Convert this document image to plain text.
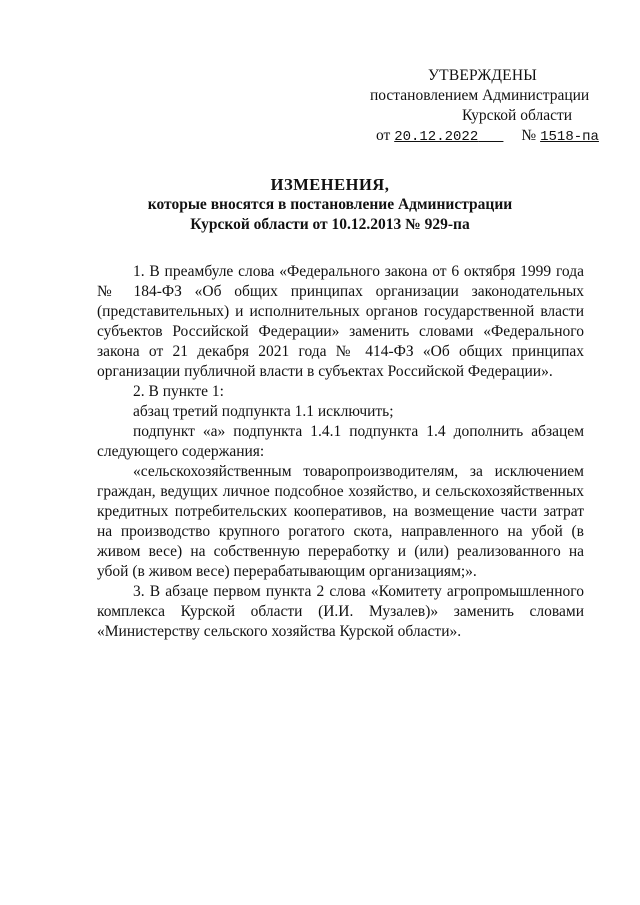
УТВЕРЖДЕНЫ
постановлением Администрации
Курской области
от 20.12.2022	№ 1518-па
ИЗМЕНЕНИЯ,
которые вносятся в постановление Администрации
Курской области от 10.12.2013 № 929-па

1. В преамбуле слова «Федерального закона от 6 октября 1999 года № 184-ФЗ «Об общих принципах организации законодательных (представительных) и исполнительных органов государственной власти субъектов Российской Федерации» заменить словами «Федерального закона от 21 декабря 2021 года № 414-ФЗ «Об общих принципах организации публичной власти в субъектах Российской Федерации».

2. В пункте 1:

абзац третий подпункта 1.1 исключить;

подпункт «а» подпункта 1.4.1 подпункта 1.4 дополнить абзацем следующего содержания:

«сельскохозяйственным товаропроизводителям, за исключением граждан, ведущих личное подсобное хозяйство, и сельскохозяйственных кредитных потребительских кооперативов, на возмещение части затрат на производство крупного рогатого скота, направленного на убой (в живом весе) на собственную переработку и (или) реализованного на убой (в живом весе) перерабатывающим организациям;».

3. В абзаце первом пункта 2 слова «Комитету агропромышленного комплекса Курской области (И.И. Музалев)» заменить словами «Министерству сельского хозяйства Курской области».
